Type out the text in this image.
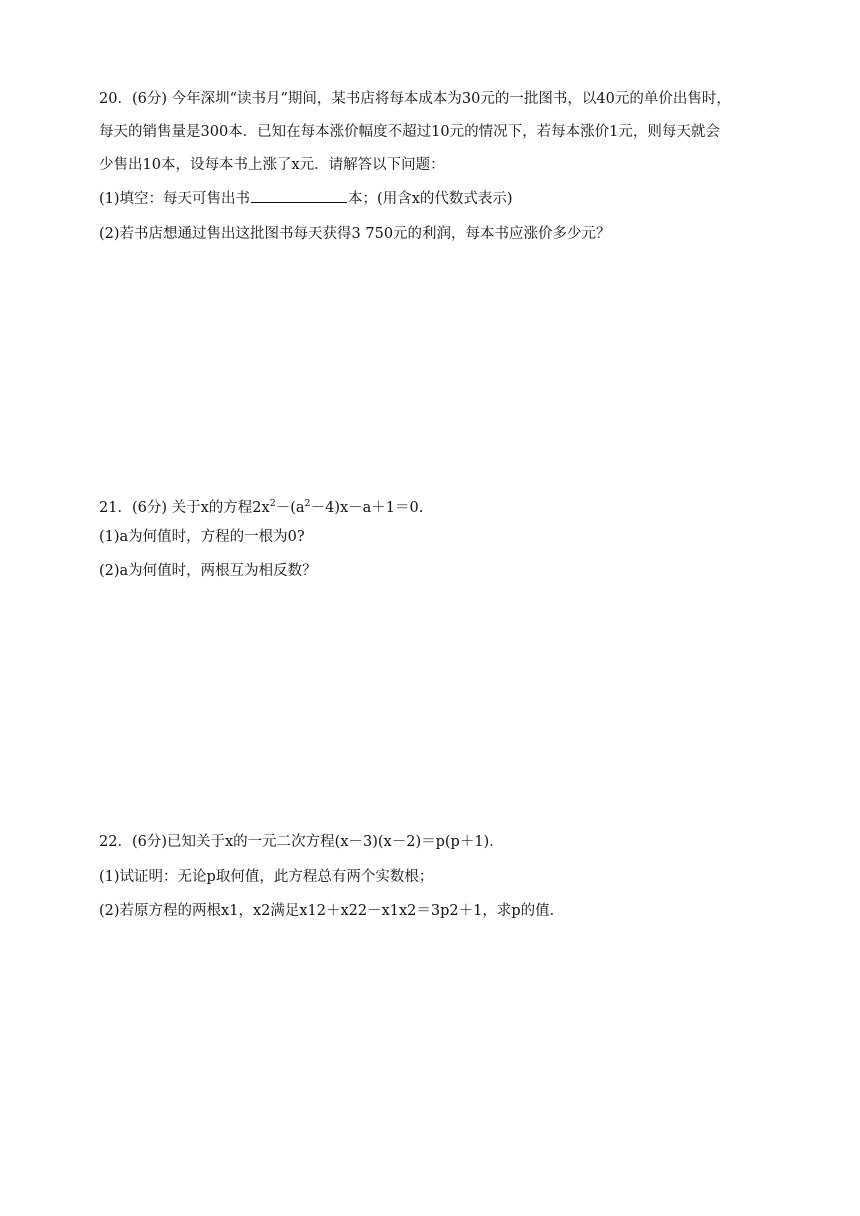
20．(6分) 今年深圳“读书月”期间，某书店将每本成本为30元的一批图书，以40元的单价出售时，
每天的销售量是300本．已知在每本涨价幅度不超过10元的情况下，若每本涨价1元，则每天就会
少售出10本，设每本书上涨了x元．请解答以下问题：
(1)填空：每天可售出书	本；(用含x的代数式表示)
(2)若书店想通过售出这批图书每天获得3 750元的利润，每本书应涨价多少元？
21．(6分) 关于x的方程$2x^2-(a^2-4)x-a+1=0$.
(1)a为何值时，方程的一根为0?
(2)a为何值时，两根互为相反数？
22．(6分)已知关于x的一元二次方程(x－3)(x－2)＝p(p＋1)．
(1)试证明：无论p取何值，此方程总有两个实数根；
(2)若原方程的两根x1，x2满足x12＋x22－x1x2＝3p2＋1，求p的值．
